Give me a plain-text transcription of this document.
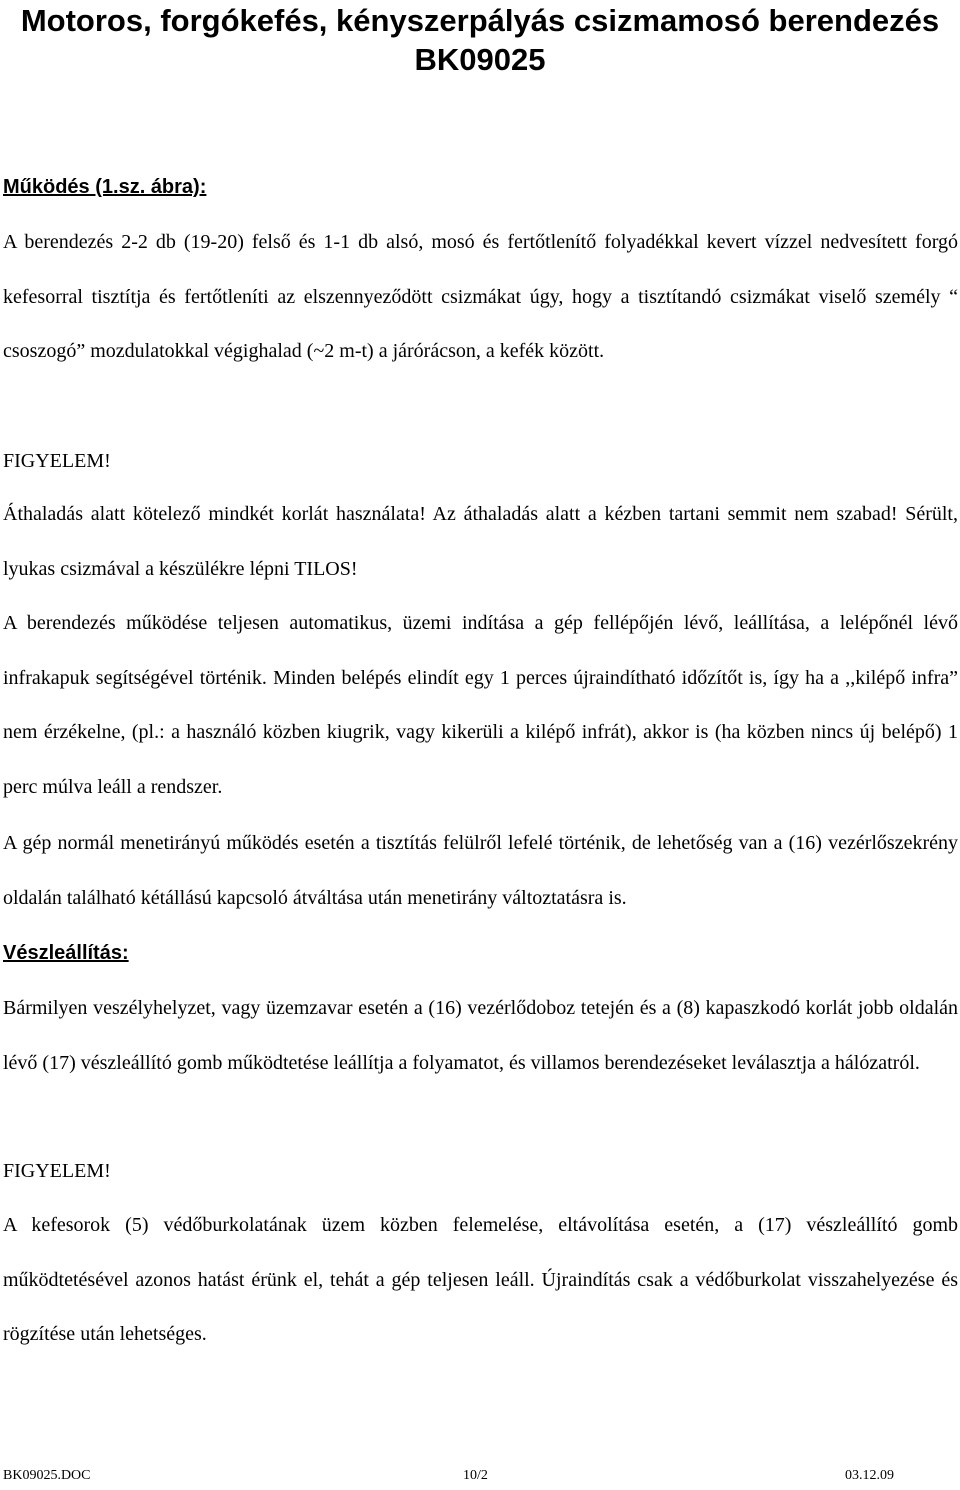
Motoros, forgókefés, kényszerpályás csizmamosó berendezés
BK09025

Működés (1.sz. ábra):

A berendezés 2-2 db (19-20) felső és 1-1 db alsó, mosó és fertőtlenítő folyadékkal kevert vízzel nedvesített forgó kefesorral tisztítja és fertőtleníti az elszennyeződött csizmákat úgy, hogy a tisztítandó csizmákat viselő személy “ csoszogó” mozdulatokkal végighalad (~2 m-t) a járórácson, a kefék között.

FIGYELEM!

Áthaladás alatt kötelező mindkét korlát használata! Az áthaladás alatt a kézben tartani semmit nem szabad! Sérült, lyukas csizmával a készülékre lépni TILOS!

A berendezés működése teljesen automatikus, üzemi indítása a gép fellépőjén lévő, leállítása, a lelépőnél lévő infrakapuk segítségével történik. Minden belépés elindít egy 1 perces újraindítható időzítőt is, így ha a ,,kilépő infra” nem érzékelne, (pl.: a használó közben kiugrik, vagy kikerüli a kilépő infrát), akkor is (ha közben nincs új belépő) 1 perc múlva leáll a rendszer.

A gép normál menetirányú működés esetén a tisztítás felülről lefelé történik, de lehetőség van a (16) vezérlőszekrény oldalán található kétállású kapcsoló átváltása után menetirány változtatásra is.

Vészleállítás:

Bármilyen veszélyhelyzet, vagy üzemzavar esetén a (16) vezérlődoboz tetején és a (8) kapaszkodó korlát jobb oldalán lévő (17) vészleállító gomb működtetése leállítja a folyamatot, és villamos berendezéseket leválasztja a hálózatról.

FIGYELEM!

A kefesorok (5) védőburkolatának üzem közben felemelése, eltávolítása esetén, a (17) vészleállító gomb működtetésével azonos hatást érünk el, tehát a gép teljesen leáll. Újraindítás csak a védőburkolat visszahelyezése és rögzítése után lehetséges.

BK09025.DOC	10/2	03.12.09
